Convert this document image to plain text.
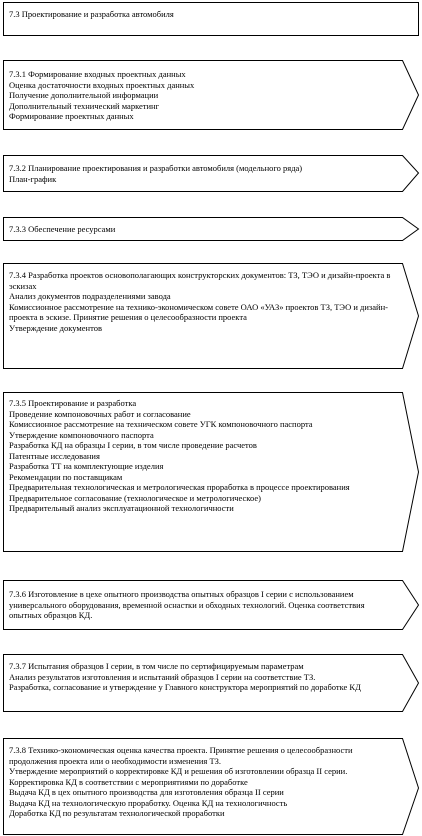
7.3 Проектирование и разработка автомобиля
7.3.1 Формирование входных проектных данных
Оценка достаточности входных проектных данных
Получение дополнительной информации
Дополнительный технический маркетинг
Формирование проектных данных
7.3.2 Планирование проектирования и разработки автомобиля (модельного ряда)
План-график
7.3.3 Обеспечение ресурсами
7.3.4 Разработка проектов основополагающих конструкторских документов: ТЗ, ТЭО и дизайн-проекта в эскизах
Анализ документов подразделениями завода
Комиссионное рассмотрение на технико-экономическом совете ОАО «УАЗ» проектов ТЗ, ТЭО и дизайн-проекта в эскизе. Принятие решения о целесообразности проекта
Утверждение документов
7.3.5 Проектирование и разработка
Проведение компоновочных работ и согласование
Комиссионное рассмотрение на техническом совете УГК компоновочного паспорта
Утверждение компоновочного паспорта
Разработка КД на образцы I серии, в том числе проведение расчетов
Патентные исследования
Разработка ТТ на комплектующие изделия
Рекомендации по поставщикам
Предварительная технологическая и метрологическая проработка в процессе проектирования
Предварительное согласование (технологическое и метрологическое)
Предварительный анализ эксплуатационной технологичности
7.3.6 Изготовление в цехе опытного производства опытных образцов I серии с использованием универсального оборудования, временной оснастки и обходных технологий. Оценка соответствия опытных образцов КД.
7.3.7 Испытания образцов I серии, в том числе по сертифицируемым параметрам
Анализ результатов изготовления и испытаний образцов I серии на соответствие ТЗ.
Разработка, согласование и утверждение у Главного конструктора мероприятий по доработке КД
7.3.8 Технико-экономическая оценка качества проекта. Принятие решения о целесообразности продолжения проекта или о необходимости изменения ТЗ.
Утверждение мероприятий о корректировке КД и решения об изготовлении образца II серии. Корректировка КД в соответствии с мероприятиями по доработке
Выдача КД в цех опытного производства для изготовления образца II серии
Выдача КД на технологическую проработку. Оценка КД на технологичность
Доработка КД по результатам технологической проработки
